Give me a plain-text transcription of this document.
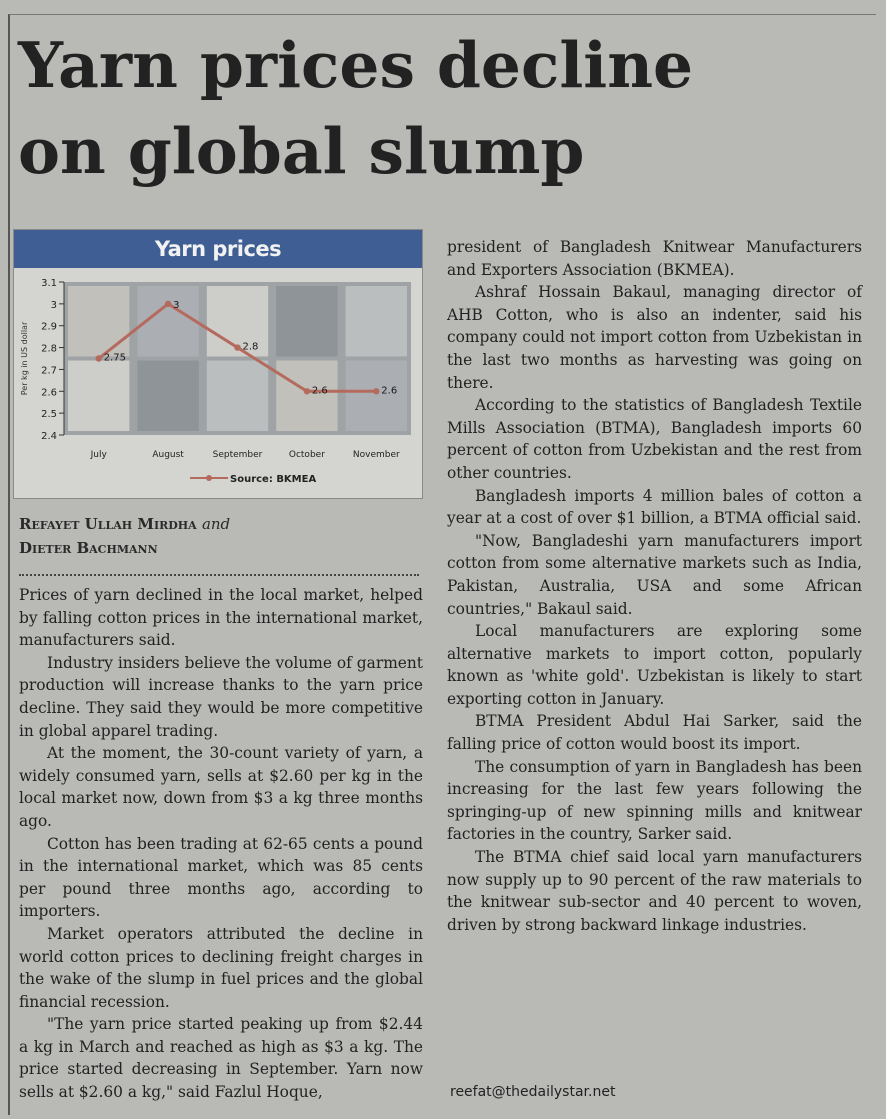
Yarn prices decline
on global slump
Yarn prices
2.4
2.5
2.6
2.7
2.8
2.9
3
3.1
Per kg in US dollar
July	August	September	October	November
2.75
3
2.8
2.6	2.6
Source: BKMEA
Refayet Ullah Mirdha and
Dieter Bachmann

Prices of yarn declined in the local market, helped by falling cotton prices in the international market, manufacturers said.

Industry insiders believe the volume of garment production will increase thanks to the yarn price decline. They said they would be more competitive in global apparel trading.

At the moment, the 30-count variety of yarn, a widely consumed yarn, sells at $2.60 per kg in the local market now, down from $3 a kg three months ago.

Cotton has been trading at 62-65 cents a pound in the international market, which was 85 cents per pound three months ago, according to importers.

Market operators attributed the decline in world cotton prices to declining freight charges in the wake of the slump in fuel prices and the global financial recession.

"The yarn price started peaking up from $2.44 a kg in March and reached as high as $3 a kg. The price started decreasing in September. Yarn now sells at $2.60 a kg," said Fazlul Hoque,

president of Bangladesh Knitwear Manufacturers and Exporters Association (BKMEA).

Ashraf Hossain Bakaul, managing director of AHB Cotton, who is also an indenter, said his company could not import cotton from Uzbekistan in the last two months as harvesting was going on there.

According to the statistics of Bangladesh Textile Mills Association (BTMA), Bangladesh imports 60 percent of cotton from Uzbekistan and the rest from other countries.

Bangladesh imports 4 million bales of cotton a year at a cost of over $1 billion, a BTMA official said.

"Now, Bangladeshi yarn manufacturers import cotton from some alternative markets such as India, Pakistan, Australia, USA and some African countries," Bakaul said.

Local manufacturers are exploring some alternative markets to import cotton, popularly known as 'white gold'. Uzbekistan is likely to start exporting cotton in January.

BTMA President Abdul Hai Sarker, said the falling price of cotton would boost its import.

The consumption of yarn in Bangladesh has been increasing for the last few years following the springing-up of new spinning mills and knitwear factories in the country, Sarker said.

The BTMA chief said local yarn manufacturers now supply up to 90 percent of the raw materials to the knitwear sub-sector and 40 percent to woven, driven by strong backward linkage industries.

reefat@thedailystar.net
